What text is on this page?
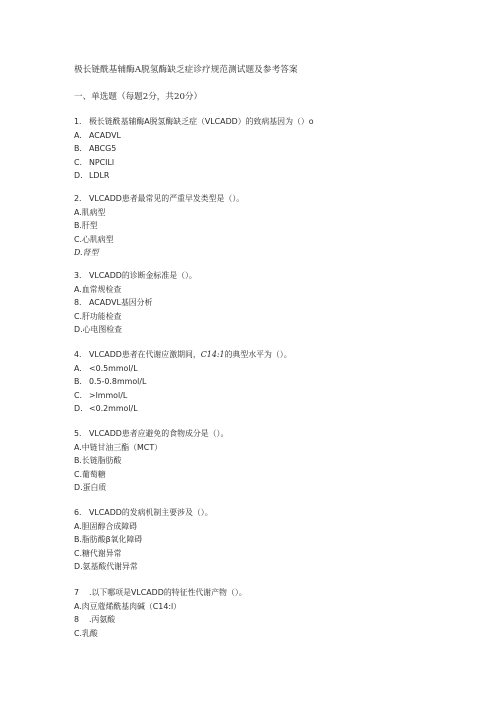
极长链酰基辅酶A脱氢酶缺乏症诊疗规范测试题及参考答案
一、单选题（每题2分，共20分）
1. 极长链酰基辅酶A脱氢酶缺乏症（VLCADD）的致病基因为（）o
A. ACADVL
B. ABCG5
C. NPCILl
D. LDLR
2. VLCADD患者最常见的严重早发类型是（）。
A.肌病型
B.肝型
C.心肌病型
D.肾型
3. VLCADD的诊断金标准是（）。
A.血常规检查
8. ACADVL基因分析
C.肝功能检查
D.心电图检查
4. VLCADD患者在代谢应激期间，C14:1的典型水平为（）。
A. <0.5mmol/L
B. 0.5-0.8mmol/L
C. >lmmol/L
D. <0.2mmol/L
5. VLCADD患者应避免的食物成分是（）。
A.中链甘油三酯（MCT）
B.长链脂肪酸
C.葡萄糖
D.蛋白质
6. VLCADD的发病机制主要涉及（）。
A.胆固醇合成障碍
B.脂肪酸β氧化障碍
C.糖代谢异常
D.氨基酸代谢异常
7 .以下哪项是VLCADD的特征性代谢产物（）。
A.肉豆蔻烯酰基肉碱（C14:l）
8 .丙氨酸
C.乳酸
